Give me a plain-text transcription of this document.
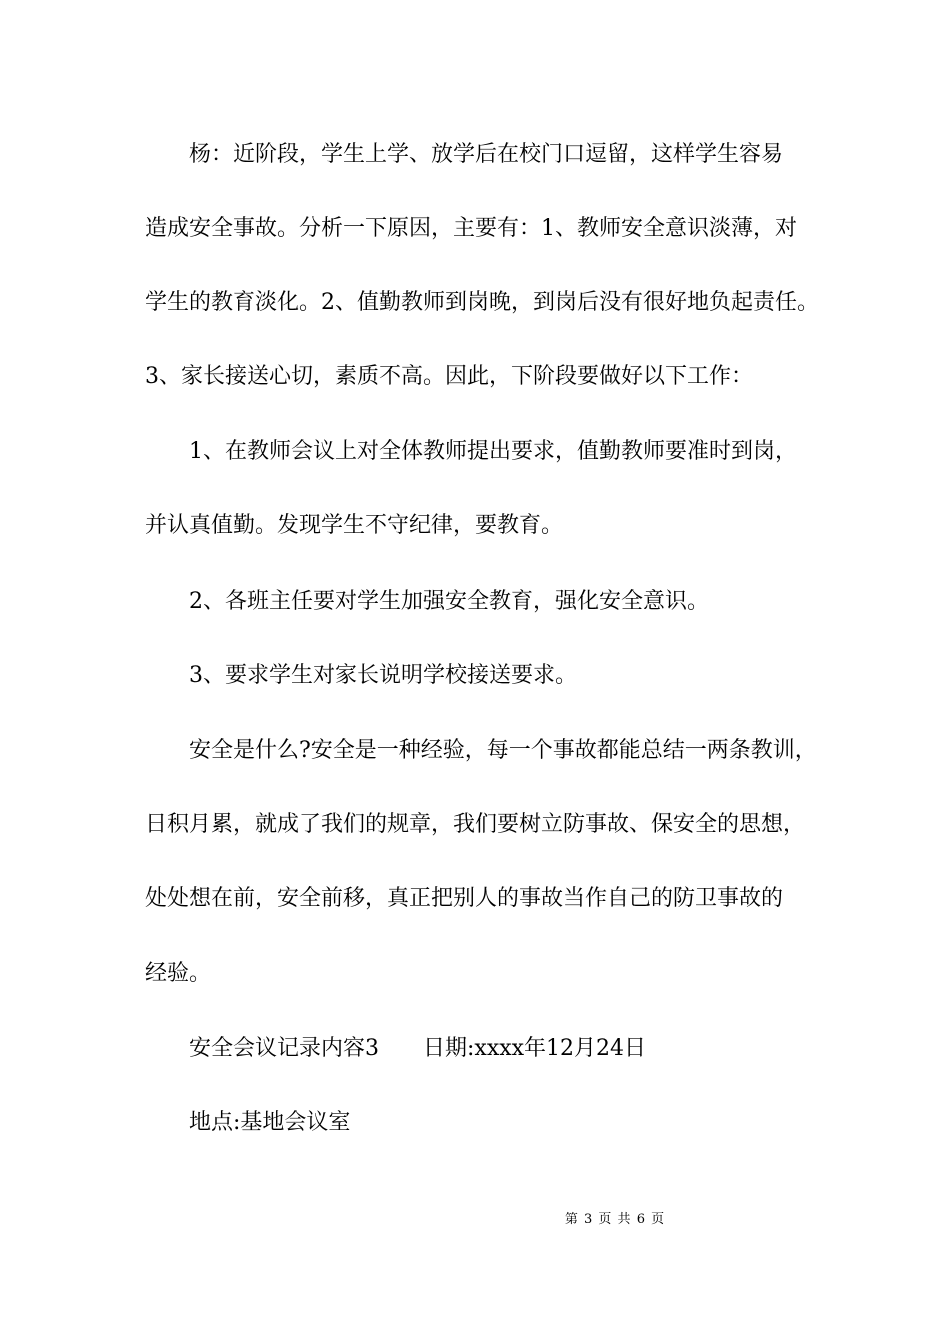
杨：近阶段，学生上学、放学后在校门口逗留，这样学生容易
造成安全事故。分析一下原因，主要有：1、教师安全意识淡薄，对
学生的教育淡化。2、值勤教师到岗晚，到岗后没有很好地负起责任。
3、家长接送心切，素质不高。因此，下阶段要做好以下工作：
1、在教师会议上对全体教师提出要求，值勤教师要准时到岗，
并认真值勤。发现学生不守纪律，要教育。
2、各班主任要对学生加强安全教育，强化安全意识。
3、要求学生对家长说明学校接送要求。
安全是什么?安全是一种经验，每一个事故都能总结一两条教训，
日积月累，就成了我们的规章，我们要树立防事故、保安全的思想，
处处想在前，安全前移，真正把别人的事故当作自己的防卫事故的
经验。
安全会议记录内容3 日期:xxxx年12月24日
地点:基地会议室
第 3 页 共 6 页
